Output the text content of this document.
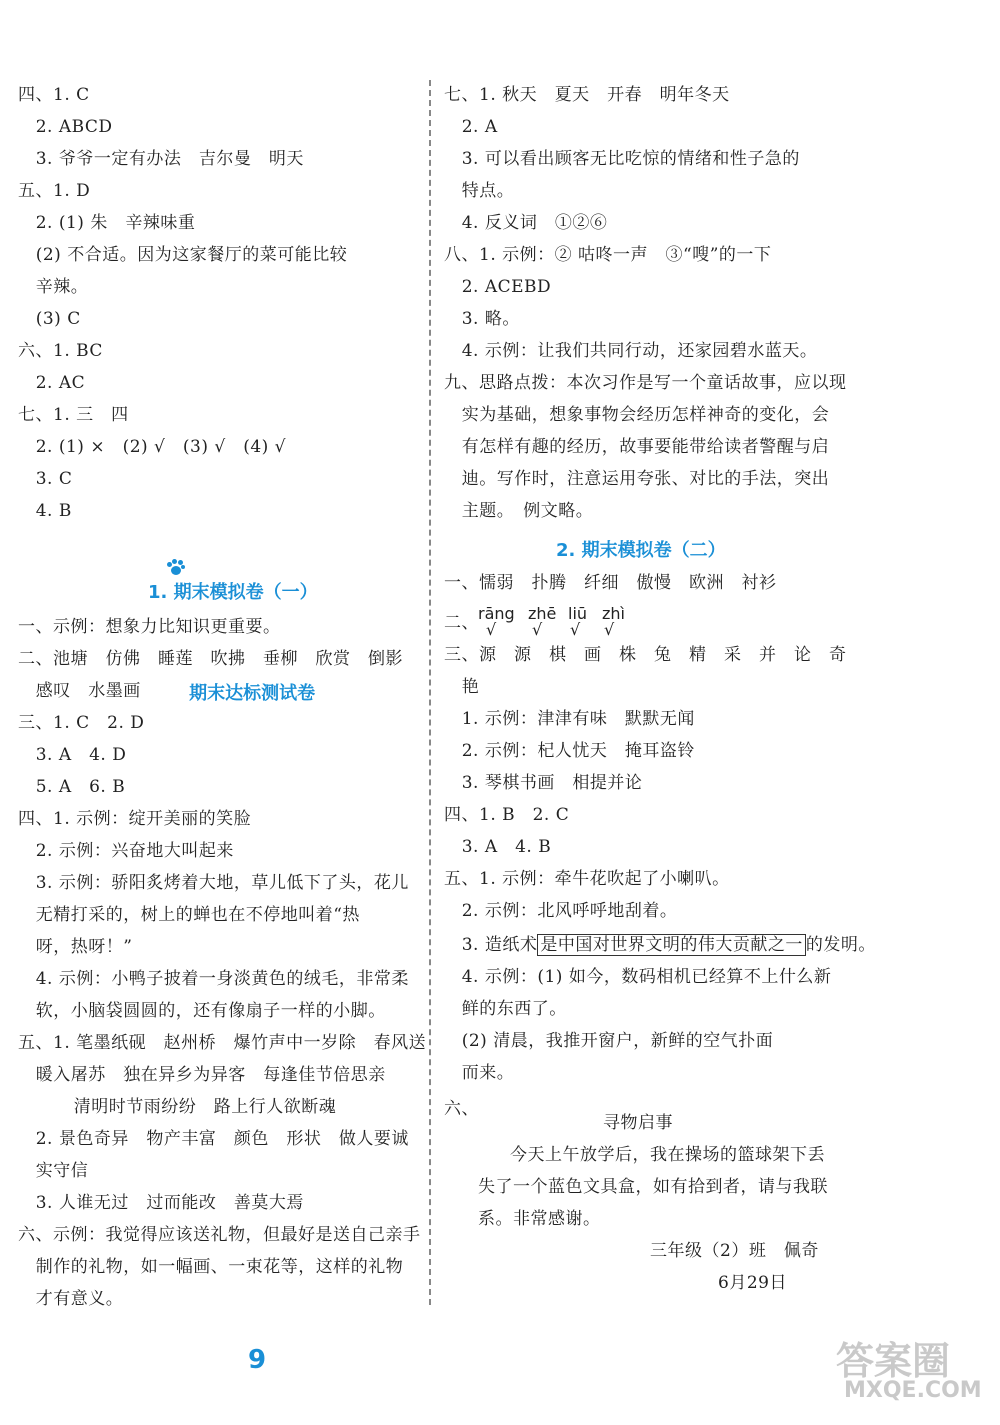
四、1. C
2. ABCD
3. 爷爷一定有办法　吉尔曼　明天
五、1. D
2. (1) 朱　辛辣味重
(2) 不合适。因为这家餐厅的菜可能比较
辛辣。
(3) C
六、1. BC
2. AC
七、1. 三　四
2. (1) ×　(2) √　(3) √　(4) √
3. C
4. B

期末达标测试卷

1. 期末模拟卷（一）
一、示例：想象力比知识更重要。
二、池塘　仿佛　睡莲　吹拂　垂柳　欣赏　倒影
感叹　水墨画
三、1. C　2. D
3. A　4. D
5. A　6. B
四、1. 示例：绽开美丽的笑脸
2. 示例：兴奋地大叫起来
3. 示例：骄阳炙烤着大地，草儿低下了头，花儿
无精打采的，树上的蝉也在不停地叫着“热
呀，热呀！”
4. 示例：小鸭子披着一身淡黄色的绒毛，非常柔
软，小脑袋圆圆的，还有像扇子一样的小脚。
五、1. 笔墨纸砚　赵州桥　爆竹声中一岁除　春风送
暖入屠苏　独在异乡为异客　每逢佳节倍思亲
清明时节雨纷纷　路上行人欲断魂
2. 景色奇异　物产丰富　颜色　形状　做人要诚
实守信
3. 人谁无过　过而能改　善莫大焉
六、示例：我觉得应该送礼物，但最好是送自己亲手
制作的礼物，如一幅画、一束花等，这样的礼物
才有意义。
七、1. 秋天　夏天　开春　明年冬天
2. A
3. 可以看出顾客无比吃惊的情绪和性子急的
特点。
4. 反义词　①②⑥
八、1. 示例：② 咕咚一声　③“嗖”的一下
2. ACEBD
3. 略。
4. 示例：让我们共同行动，还家园碧水蓝天。
九、思路点拨：本次习作是写一个童话故事，应以现
实为基础，想象事物会经历怎样神奇的变化，会
有怎样有趣的经历，故事要能带给读者警醒与启
迪。写作时，注意运用夸张、对比的手法，突出
主题。　例文略。
2. 期末模拟卷（二）
一、懦弱　扑腾　纤细　傲慢　欧洲　衬衫
二、 rāng zhē liū zhì
√ √ √ √
三、源　源　棋　画　株　兔　精　采　并　论　奇
艳
1. 示例：津津有味　默默无闻
2. 示例：杞人忧天　掩耳盗铃
3. 琴棋书画　相提并论
四、1. B　2. C
3. A　4. B
五、1. 示例：牵牛花吹起了小喇叭。
2. 示例：北风呼呼地刮着。
3. 造纸术 是中国对世界文明的伟大贡献之一 的发明。
4. 示例：(1) 如今，数码相机已经算不上什么新
鲜的东西了。
(2) 清晨，我推开窗户，新鲜的空气扑面
而来。
六、
寻物启事
今天上午放学后，我在操场的篮球架下丢
失了一个蓝色文具盒，如有拾到者，请与我联
系。非常感谢。
三年级（2）班　佩奇
6月29日
9	答案圈
MXQE.COM
